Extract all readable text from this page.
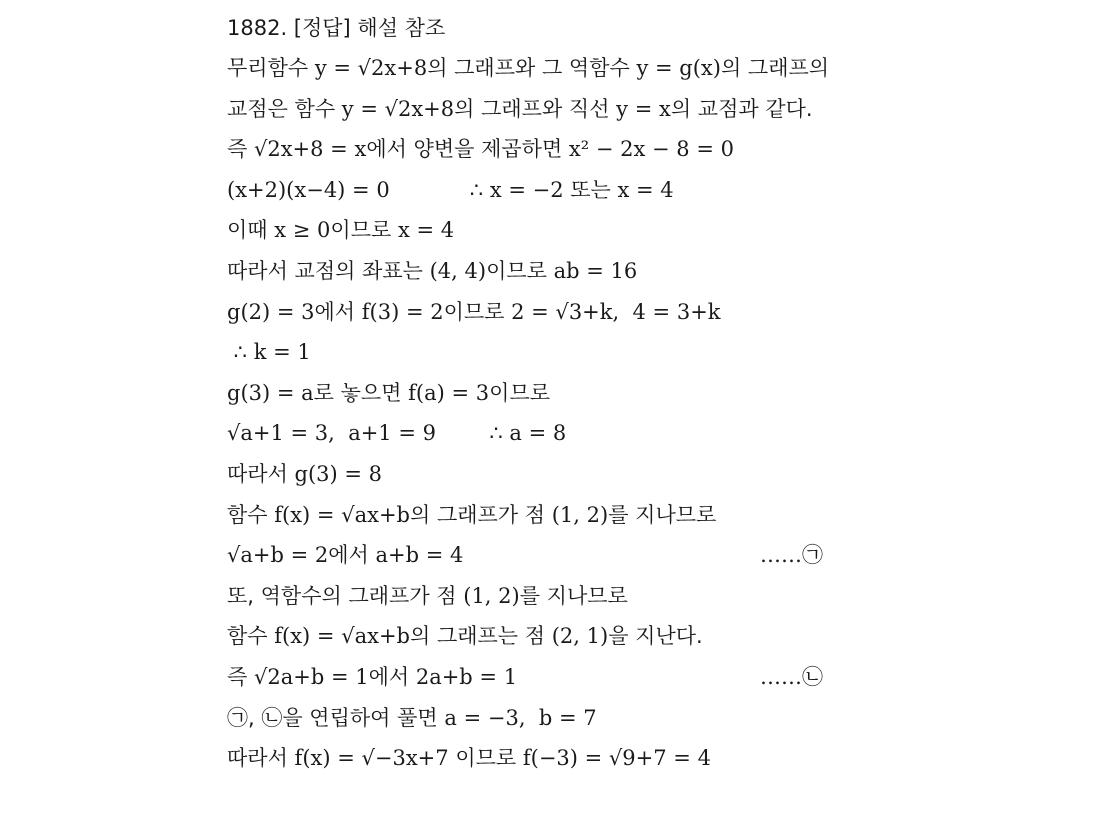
1882. [정답] 해설 참조
무리함수 y = √2x+8의 그래프와 그 역함수 y = g(x)의 그래프의
교점은 함수 y = √2x+8의 그래프와 직선 y = x의 교점과 같다.
즉 √2x+8 = x에서 양변을 제곱하면 x² − 2x − 8 = 0
(x+2)(x−4) = 0            ∴ x = −2 또는 x = 4
이때 x ≥ 0이므로 x = 4
따라서 교점의 좌표는 (4, 4)이므로 ab = 16
g(2) = 3에서 f(3) = 2이므로 2 = √3+k,  4 = 3+k
∴ k = 1
g(3) = a로 놓으면 f(a) = 3이므로
√a+1 = 3,  a+1 = 9        ∴ a = 8
따라서 g(3) = 8
함수 f(x) = √ax+b의 그래프가 점 (1, 2)를 지나므로
√a+b = 2에서 a+b = 4	……㉠
또, 역함수의 그래프가 점 (1, 2)를 지나므로
함수 f(x) = √ax+b의 그래프는 점 (2, 1)을 지난다.
즉 √2a+b = 1에서 2a+b = 1	……㉡
㉠, ㉡을 연립하여 풀면 a = −3,  b = 7
따라서 f(x) = √−3x+7 이므로 f(−3) = √9+7 = 4
